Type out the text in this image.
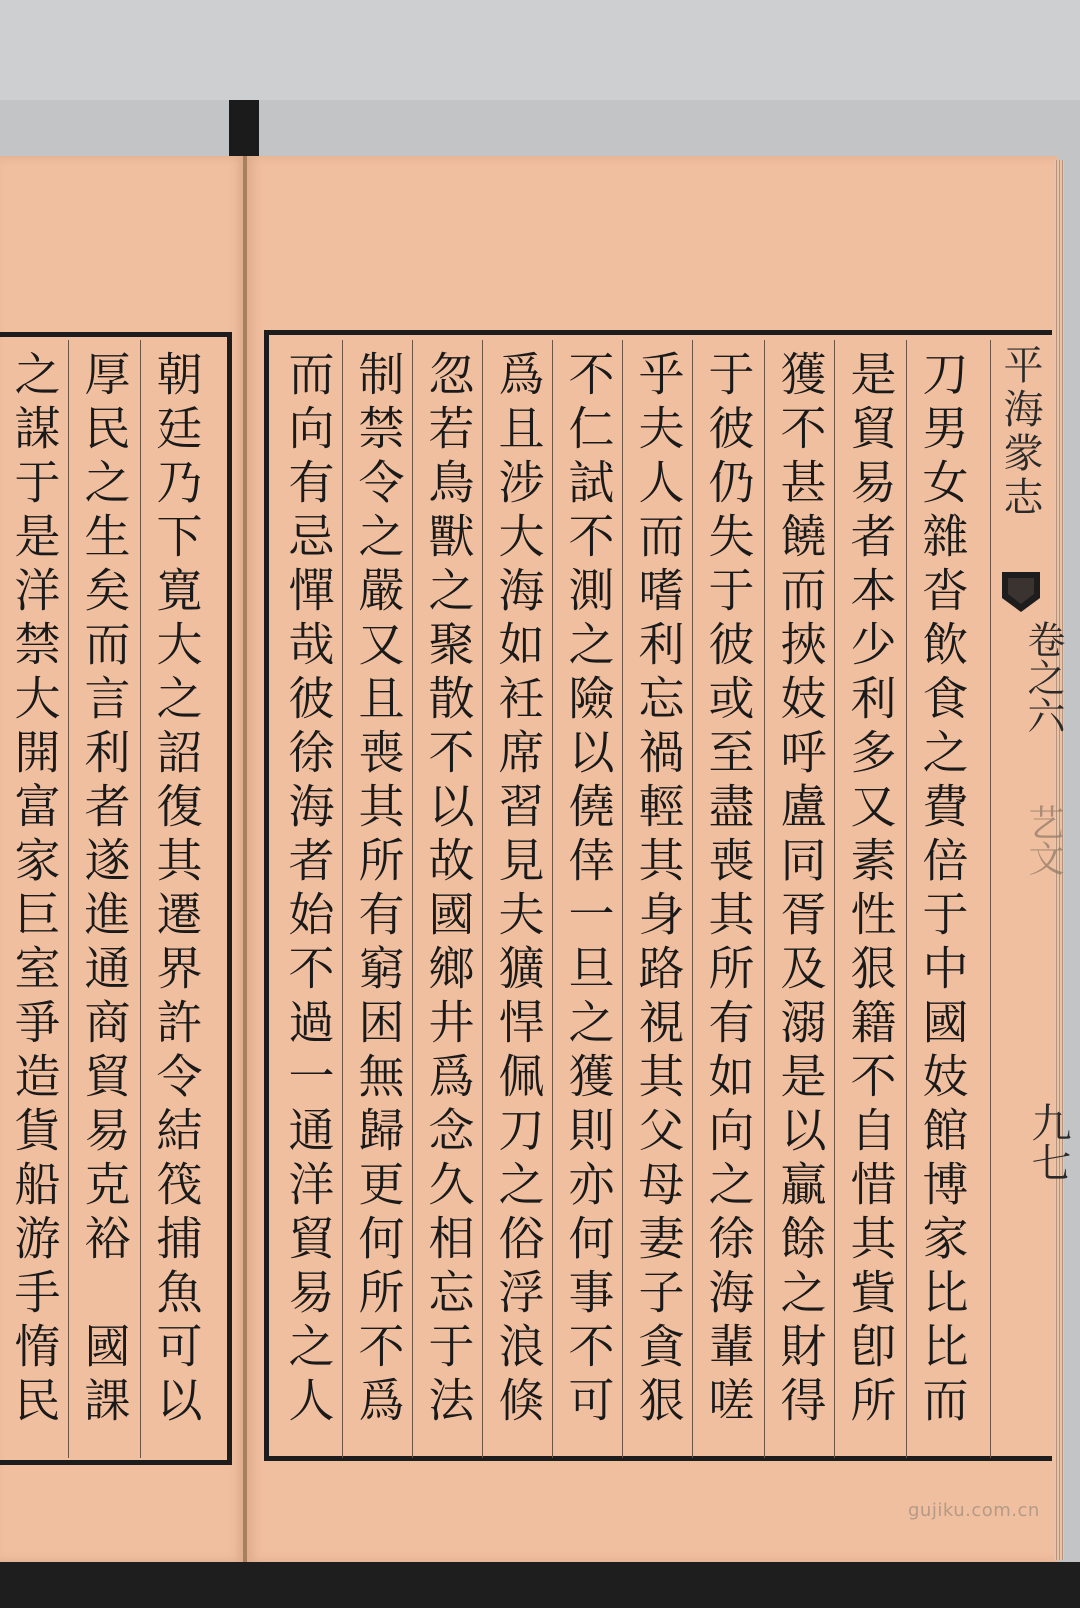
朝廷乃下寛大之詔復其遷界許令結筏捕魚可以

厚民之生矣而言利者遂進通商貿易克裕　國課

之謀于是洋禁大開富家巨室爭造貨船游手惰民	刀男女雜沓飲食之費倍于中國妓館博家比比而

是貿易者本少利多又素性狠籍不自惜其貲卽所

獲不甚饒而挾妓呼盧同胥及溺是以贏餘之財得

于彼仍失于彼或至盡喪其所有如向之徐海輩嗟

乎夫人而嗜利忘禍輕其身路視其父母妻子貪狠

不仁試不測之險以僥倖一旦之獲則亦何事不可

爲且涉大海如衽席習見夫獷悍佩刀之俗浮浪倏

忽若鳥獸之聚散不以故國鄉井爲念久相忘于法

制禁令之嚴又且喪其所有窮困無歸更何所不爲

而向有忌憚哉彼徐海者始不過一通洋貿易之人	平海䝉志
卷之六
艺文
九七
gujiku.com.cn
